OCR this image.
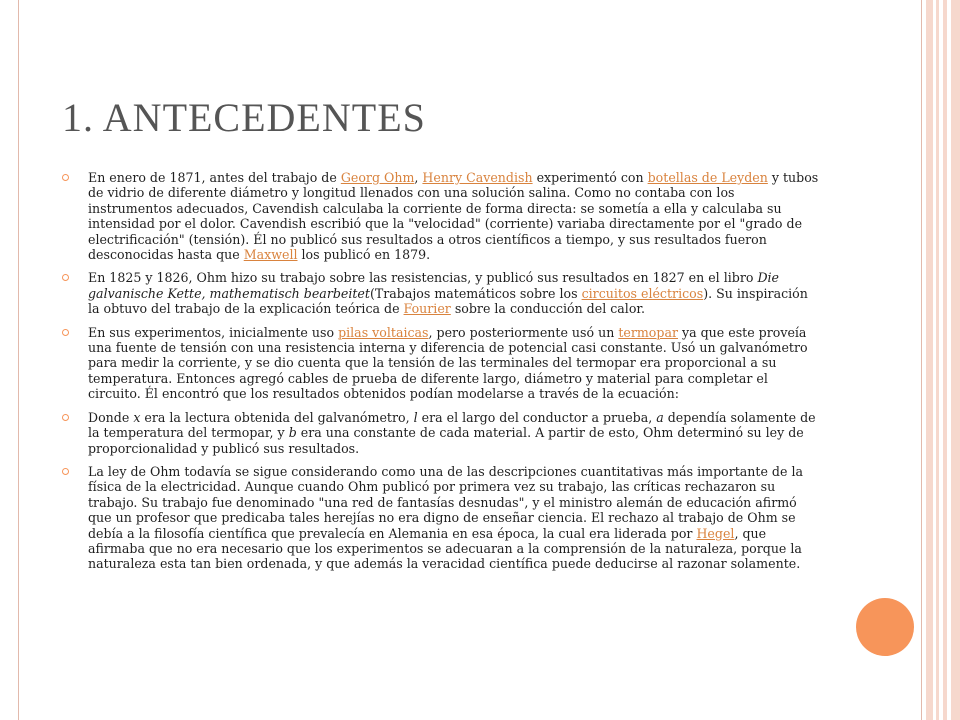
1. ANTECEDENTES
En enero de 1871, antes del trabajo de Georg Ohm, Henry Cavendish experimentó con botellas de Leyden y tubos de vidrio de diferente diámetro y longitud llenados con una solución salina. Como no contaba con los instrumentos adecuados, Cavendish calculaba la corriente de forma directa: se sometía a ella y calculaba su intensidad por el dolor. Cavendish escribió que la "velocidad" (corriente) variaba directamente por el "grado de electrificación" (tensión). Él no publicó sus resultados a otros científicos a tiempo, y sus resultados fueron desconocidas hasta que Maxwell los publicó en 1879.
En 1825 y 1826, Ohm hizo su trabajo sobre las resistencias, y publicó sus resultados en 1827 en el libro Die galvanische Kette, mathematisch bearbeitet(Trabajos matemáticos sobre los circuitos eléctricos). Su inspiración la obtuvo del trabajo de la explicación teórica de Fourier sobre la conducción del calor.
En sus experimentos, inicialmente uso pilas voltaicas, pero posteriormente usó un termopar ya que este proveía una fuente de tensión con una resistencia interna y diferencia de potencial casi constante. Usó un galvanómetro para medir la corriente, y se dio cuenta que la tensión de las terminales del termopar era proporcional a su temperatura. Entonces agregó cables de prueba de diferente largo, diámetro y material para completar el circuito. Él encontró que los resultados obtenidos podían modelarse a través de la ecuación:
Donde x era la lectura obtenida del galvanómetro, l era el largo del conductor a prueba, a dependía solamente de la temperatura del termopar, y b era una constante de cada material. A partir de esto, Ohm determinó su ley de proporcionalidad y publicó sus resultados.
La ley de Ohm todavía se sigue considerando como una de las descripciones cuantitativas más importante de la física de la electricidad. Aunque cuando Ohm publicó por primera vez su trabajo, las críticas rechazaron su trabajo. Su trabajo fue denominado "una red de fantasías desnudas", y el ministro alemán de educación afirmó que un profesor que predicaba tales herejías no era digno de enseñar ciencia. El rechazo al trabajo de Ohm se debía a la filosofía científica que prevalecía en Alemania en esa época, la cual era liderada por Hegel, que afirmaba que no era necesario que los experimentos se adecuaran a la comprensión de la naturaleza, porque la naturaleza esta tan bien ordenada, y que además la veracidad científica puede deducirse al razonar solamente.
